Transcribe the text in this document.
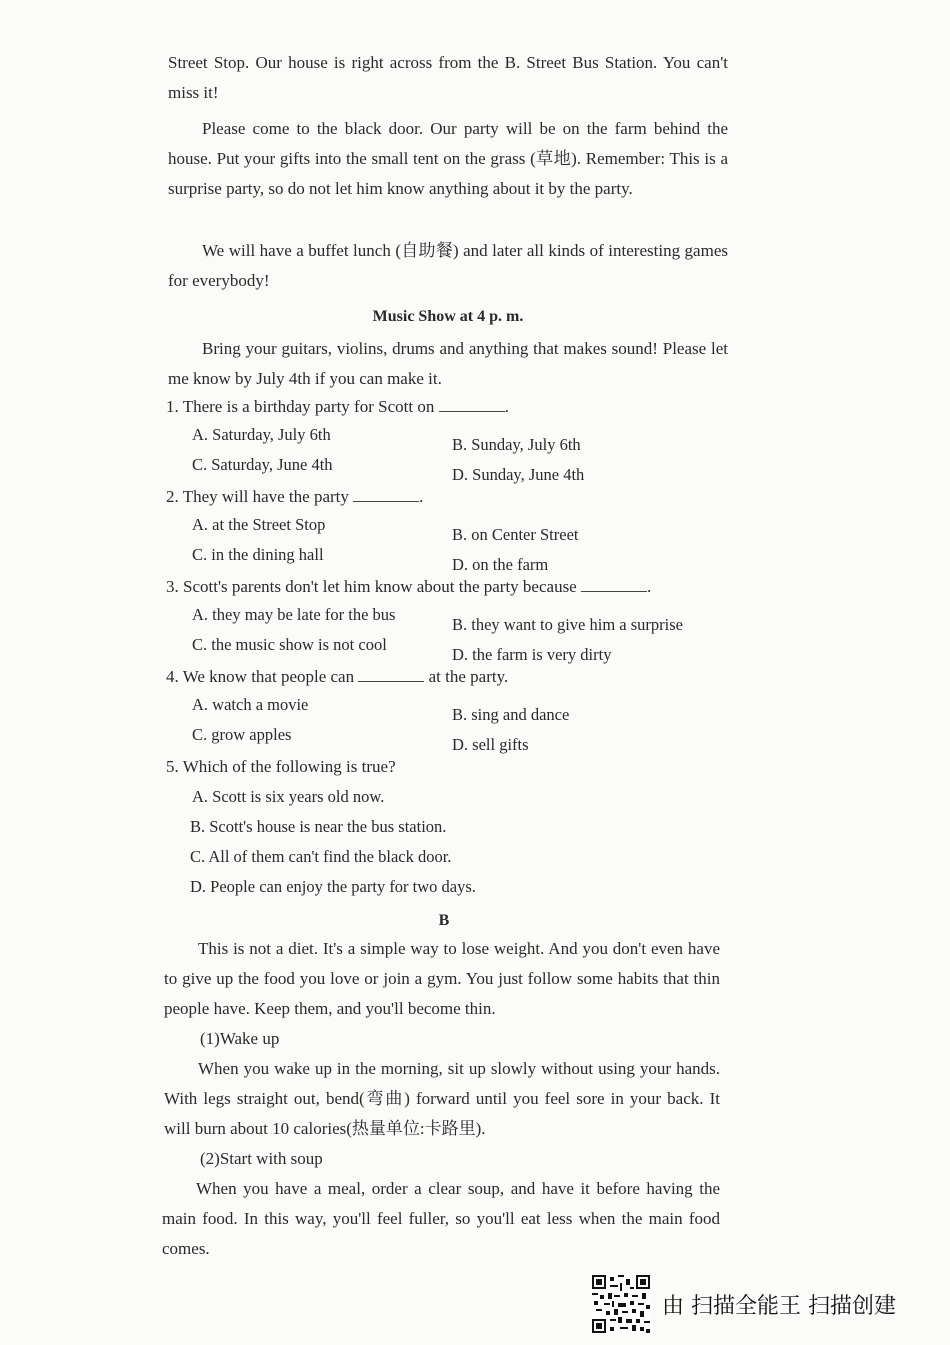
Street Stop. Our house is right across from the B. Street Bus Station. You can't miss it!
Please come to the black door. Our party will be on the farm behind the house. Put your gifts into the small tent on the grass (草地). Remember: This is a surprise party, so do not let him know anything about it by the party.
We will have a buffet lunch (自助餐) and later all kinds of interesting games for everybody!
Music Show at 4 p. m.
Bring your guitars, violins, drums and anything that makes sound! Please let me know by July 4th if you can make it.
1. There is a birthday party for Scott on	.
A. Saturday, July 6th
B. Sunday, July 6th
C. Saturday, June 4th
D. Sunday, June 4th
2. They will have the party	.
A. at the Street Stop
B. on Center Street
C. in the dining hall
D. on the farm
3. Scott's parents don't let him know about the party because	.
A. they may be late for the bus
B. they want to give him a surprise
C. the music show is not cool
D. the farm is very dirty
4. We know that people can	at the party.
A. watch a movie
B. sing and dance
C. grow apples
D. sell gifts
5. Which of the following is true?
A. Scott is six years old now.
B. Scott's house is near the bus station.
C. All of them can't find the black door.
D. People can enjoy the party for two days.
B
This is not a diet. It's a simple way to lose weight. And you don't even have to give up the food you love or join a gym. You just follow some habits that thin people have. Keep them, and you'll become thin.
(1)Wake up
When you wake up in the morning, sit up slowly without using your hands. With legs straight out, bend(弯曲) forward until you feel sore in your back. It will burn about 10 calories(热量单位:卡路里).
(2)Start with soup
When you have a meal, order a clear soup, and have it before having the main food. In this way, you'll feel fuller, so you'll eat less when the main food comes.
由 扫描全能王 扫描创建
